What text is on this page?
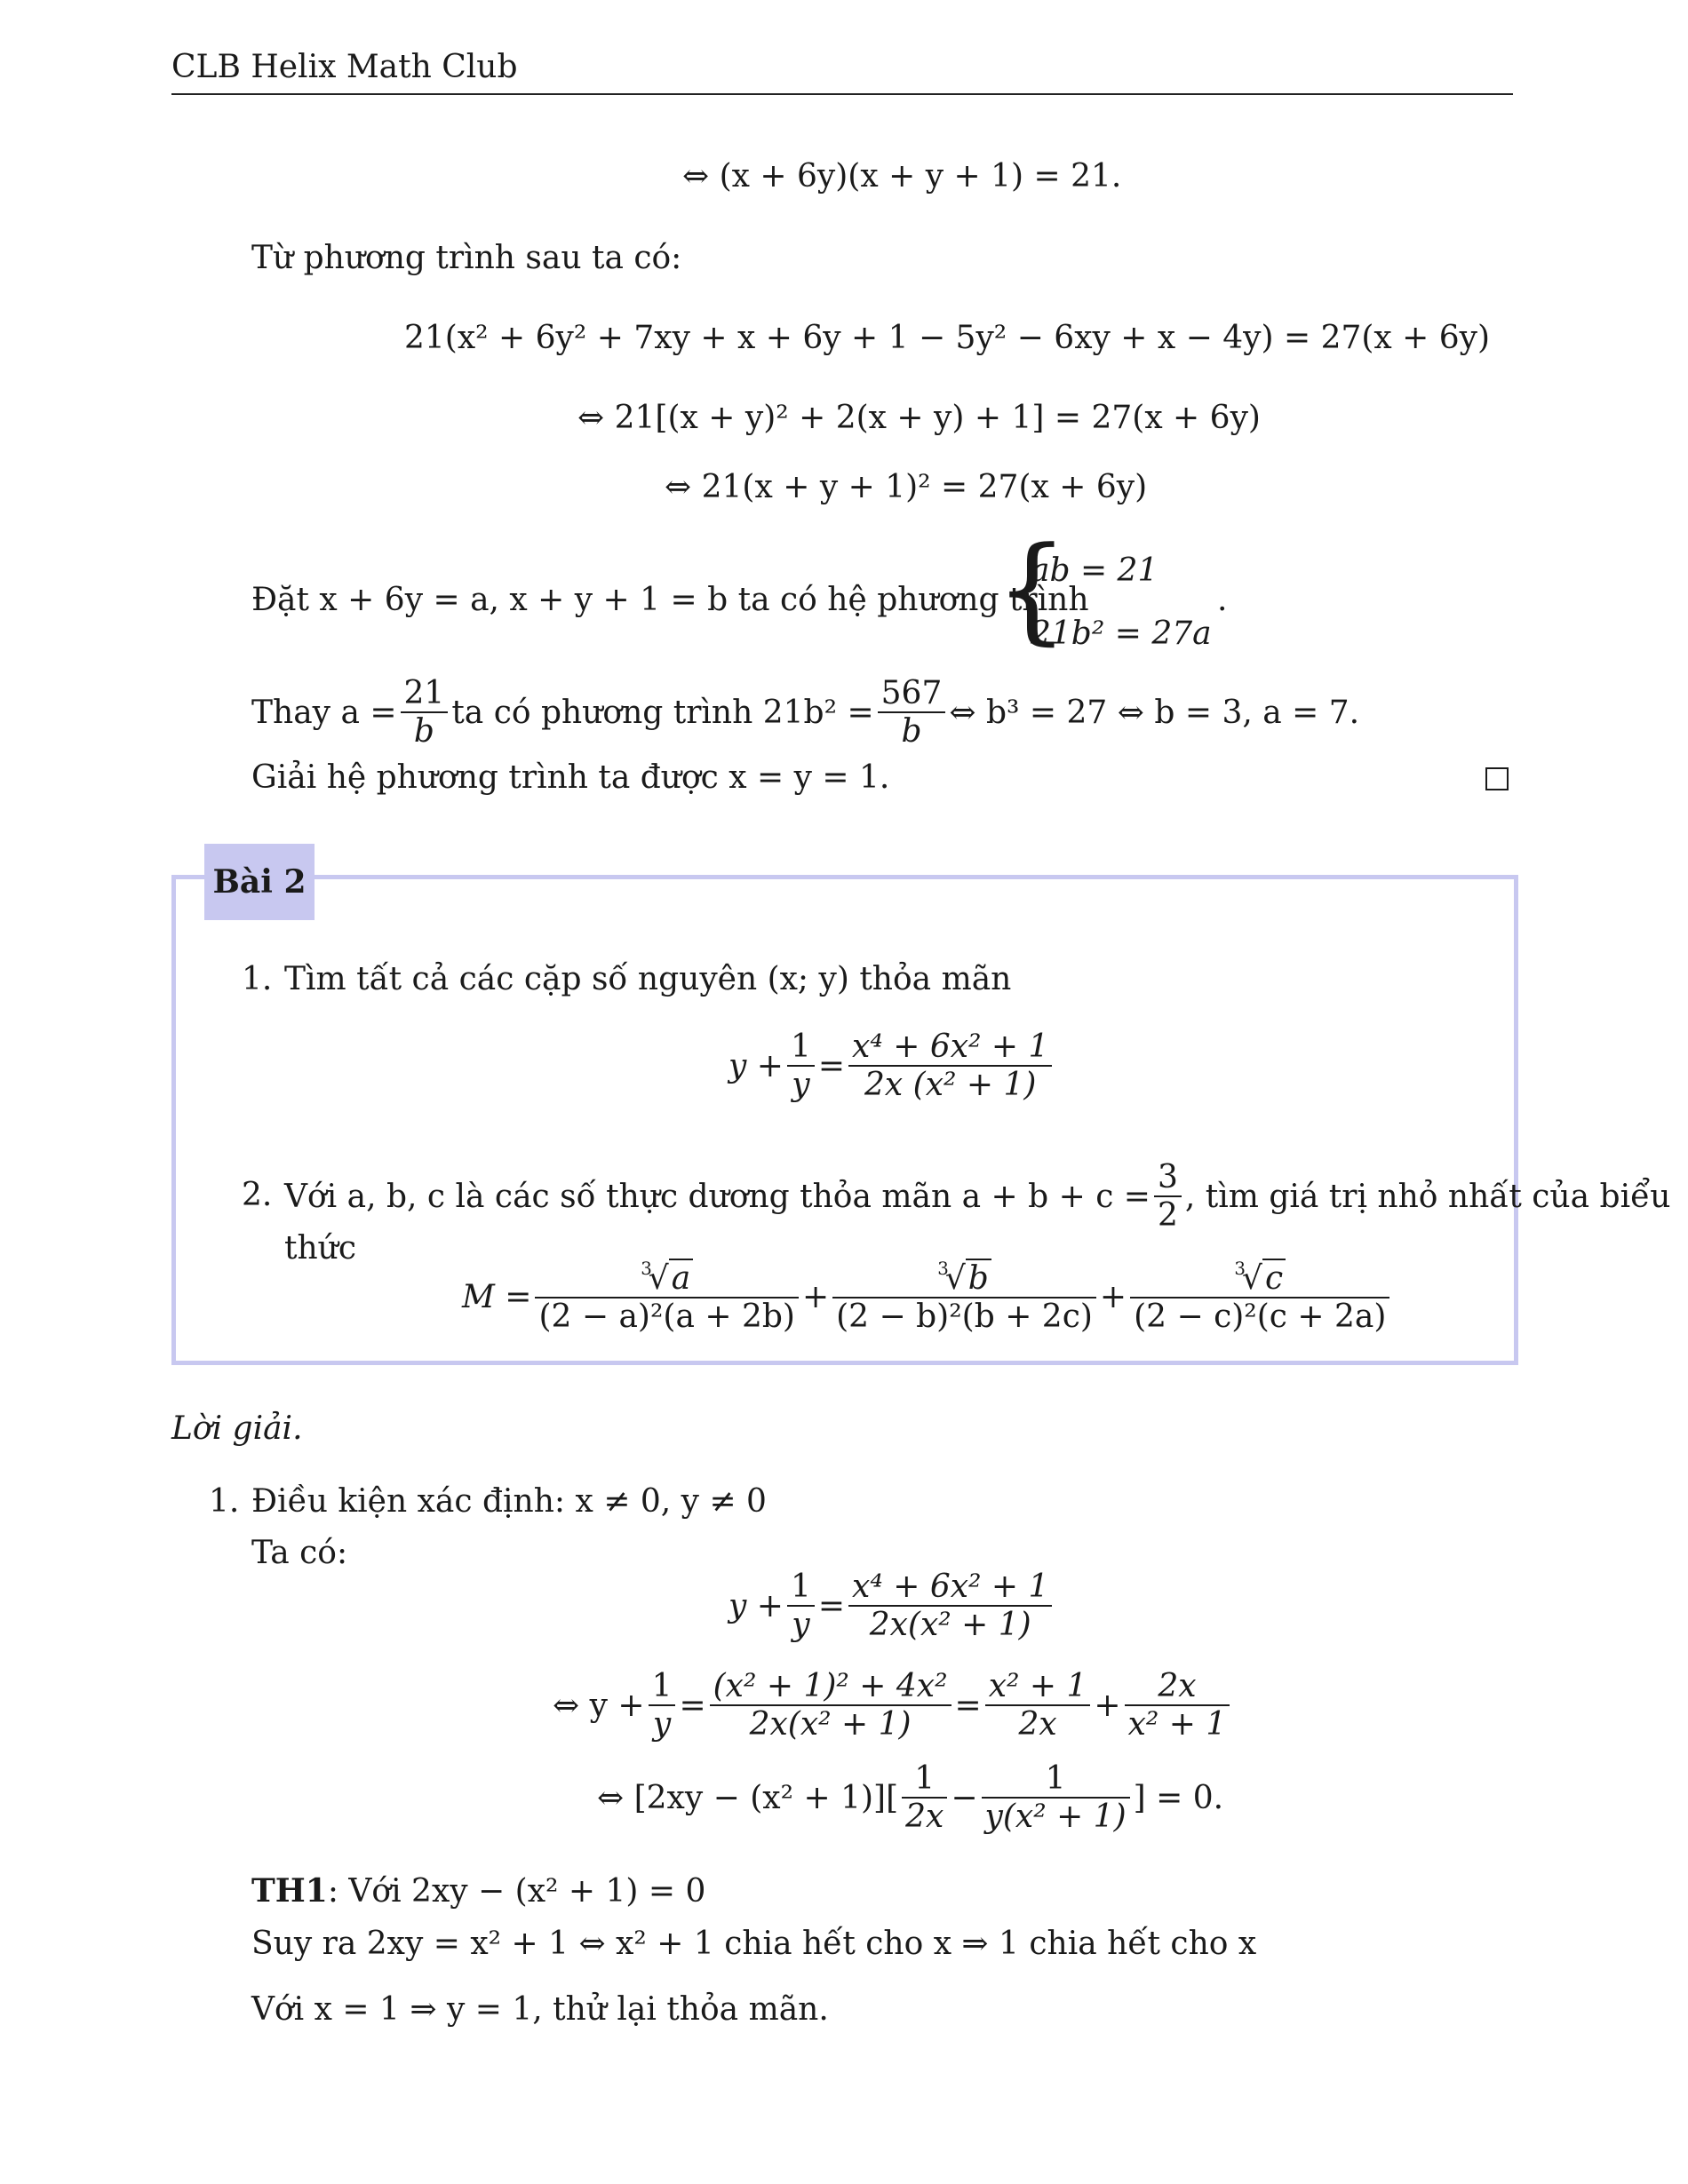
CLB Helix Math Club
⇔ (x + 6y)(x + y + 1) = 21.
Từ phương trình sau ta có:
21(x² + 6y² + 7xy + x + 6y + 1 − 5y² − 6xy + x − 4y) = 27(x + 6y)
⇔ 21[(x + y)² + 2(x + y) + 1] = 27(x + 6y)
⇔ 21(x + y + 1)² = 27(x + 6y)
Đặt x + 6y = a, x + y + 1 = b ta có hệ phương trình
{
ab = 21
21b² = 27a
.
Thay $a = \frac{21}{b}$ ta có phương trình $21b^2 = \frac{567}{b}$ ⇔ b³ = 27 ⇔ b = 3, a = 7.
Giải hệ phương trình ta được x = y = 1.
Bài 2
1. Tìm tất cả các cặp số nguyên (x; y) thỏa mãn
$y + \frac{1}{y} = \frac{\text{x⁴ + 6x² + 1}}{\text{2x (x² + 1)}}$
2. Với a, b, c là các số thực dương thỏa mãn $a + b + c = \frac{3}{2}$ , tìm giá trị nhỏ nhất của biểu
thức
$M = \frac{^3√a}{\text{(2 − a)²(a + 2b)}} + \frac{^3√b}{\text{(2 − b)²(b + 2c)}} + \frac{^3√c}{\text{(2 − c)²(c + 2a)}}$
Lời giải.
1. Điều kiện xác định: x ≠ 0, y ≠ 0
Ta có:
$y + \frac{1}{y} = \frac{\text{x⁴ + 6x² + 1}}{\text{2x(x² + 1)}}$
⇔ $y + \frac{1}{y} = \frac{\text{(x² + 1)² + 4x²}}{\text{2x(x² + 1)}} = \frac{\text{x² + 1}}{2x} + \frac{2x}{\text{x² + 1}}$
⇔ $[2xy - (x^2 + 1)][ \frac{1}{2x} - \frac{1}{\text{y(x² + 1)}}$ ] = 0.
TH1: Với 2xy − (x² + 1) = 0
Suy ra 2xy = x² + 1 ⇔ x² + 1 chia hết cho x ⇒ 1 chia hết cho x
Với x = 1 ⇒ y = 1, thử lại thỏa mãn.
